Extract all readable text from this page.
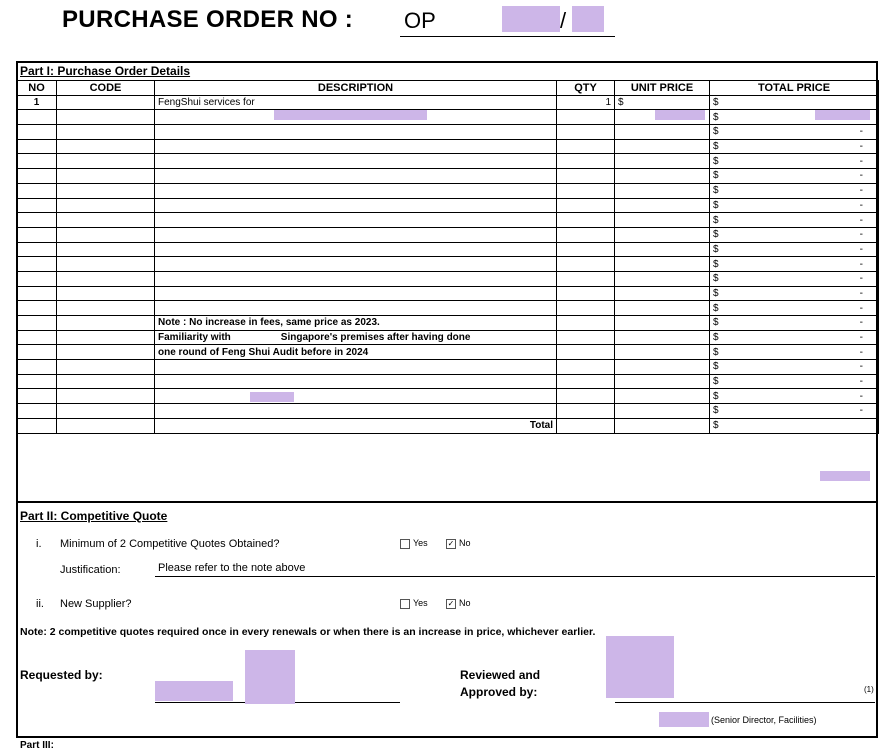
PURCHASE ORDER NO : OP	/
Part I: Purchase Order Details
NO	CODE	DESCRIPTION	QTY	UNIT PRICE	TOTAL PRICE
1		FengShui services for	1	$	$

					$

					$ -

					$ -

					$ -

					$ -

					$ -

					$ -

					$ -

					$ -

					$ -

					$ -

					$ -

					$ -

					$ -

		Note : No increase in fees, same price as 2023.			$ -

		Familiarity with Singapore's premises after having done			$ -

		one round of Feng Shui Audit before in 2024			$ -

					$ -

					$ -

					$ -

					$ -

		Total			$
Part II: Competitive Quote
i. Minimum of 2 Competitive Quotes Obtained?	Yes ✓ No
Justification:	Please refer to the note above
ii. New Supplier?	Yes ✓ No
Note: 2 competitive quotes required once in every renewals or when there is an increase in price, whichever earlier.
Requested by:	Reviewed and
Approved by:	(1)
(Senior Director, Facilities)
Part III:
